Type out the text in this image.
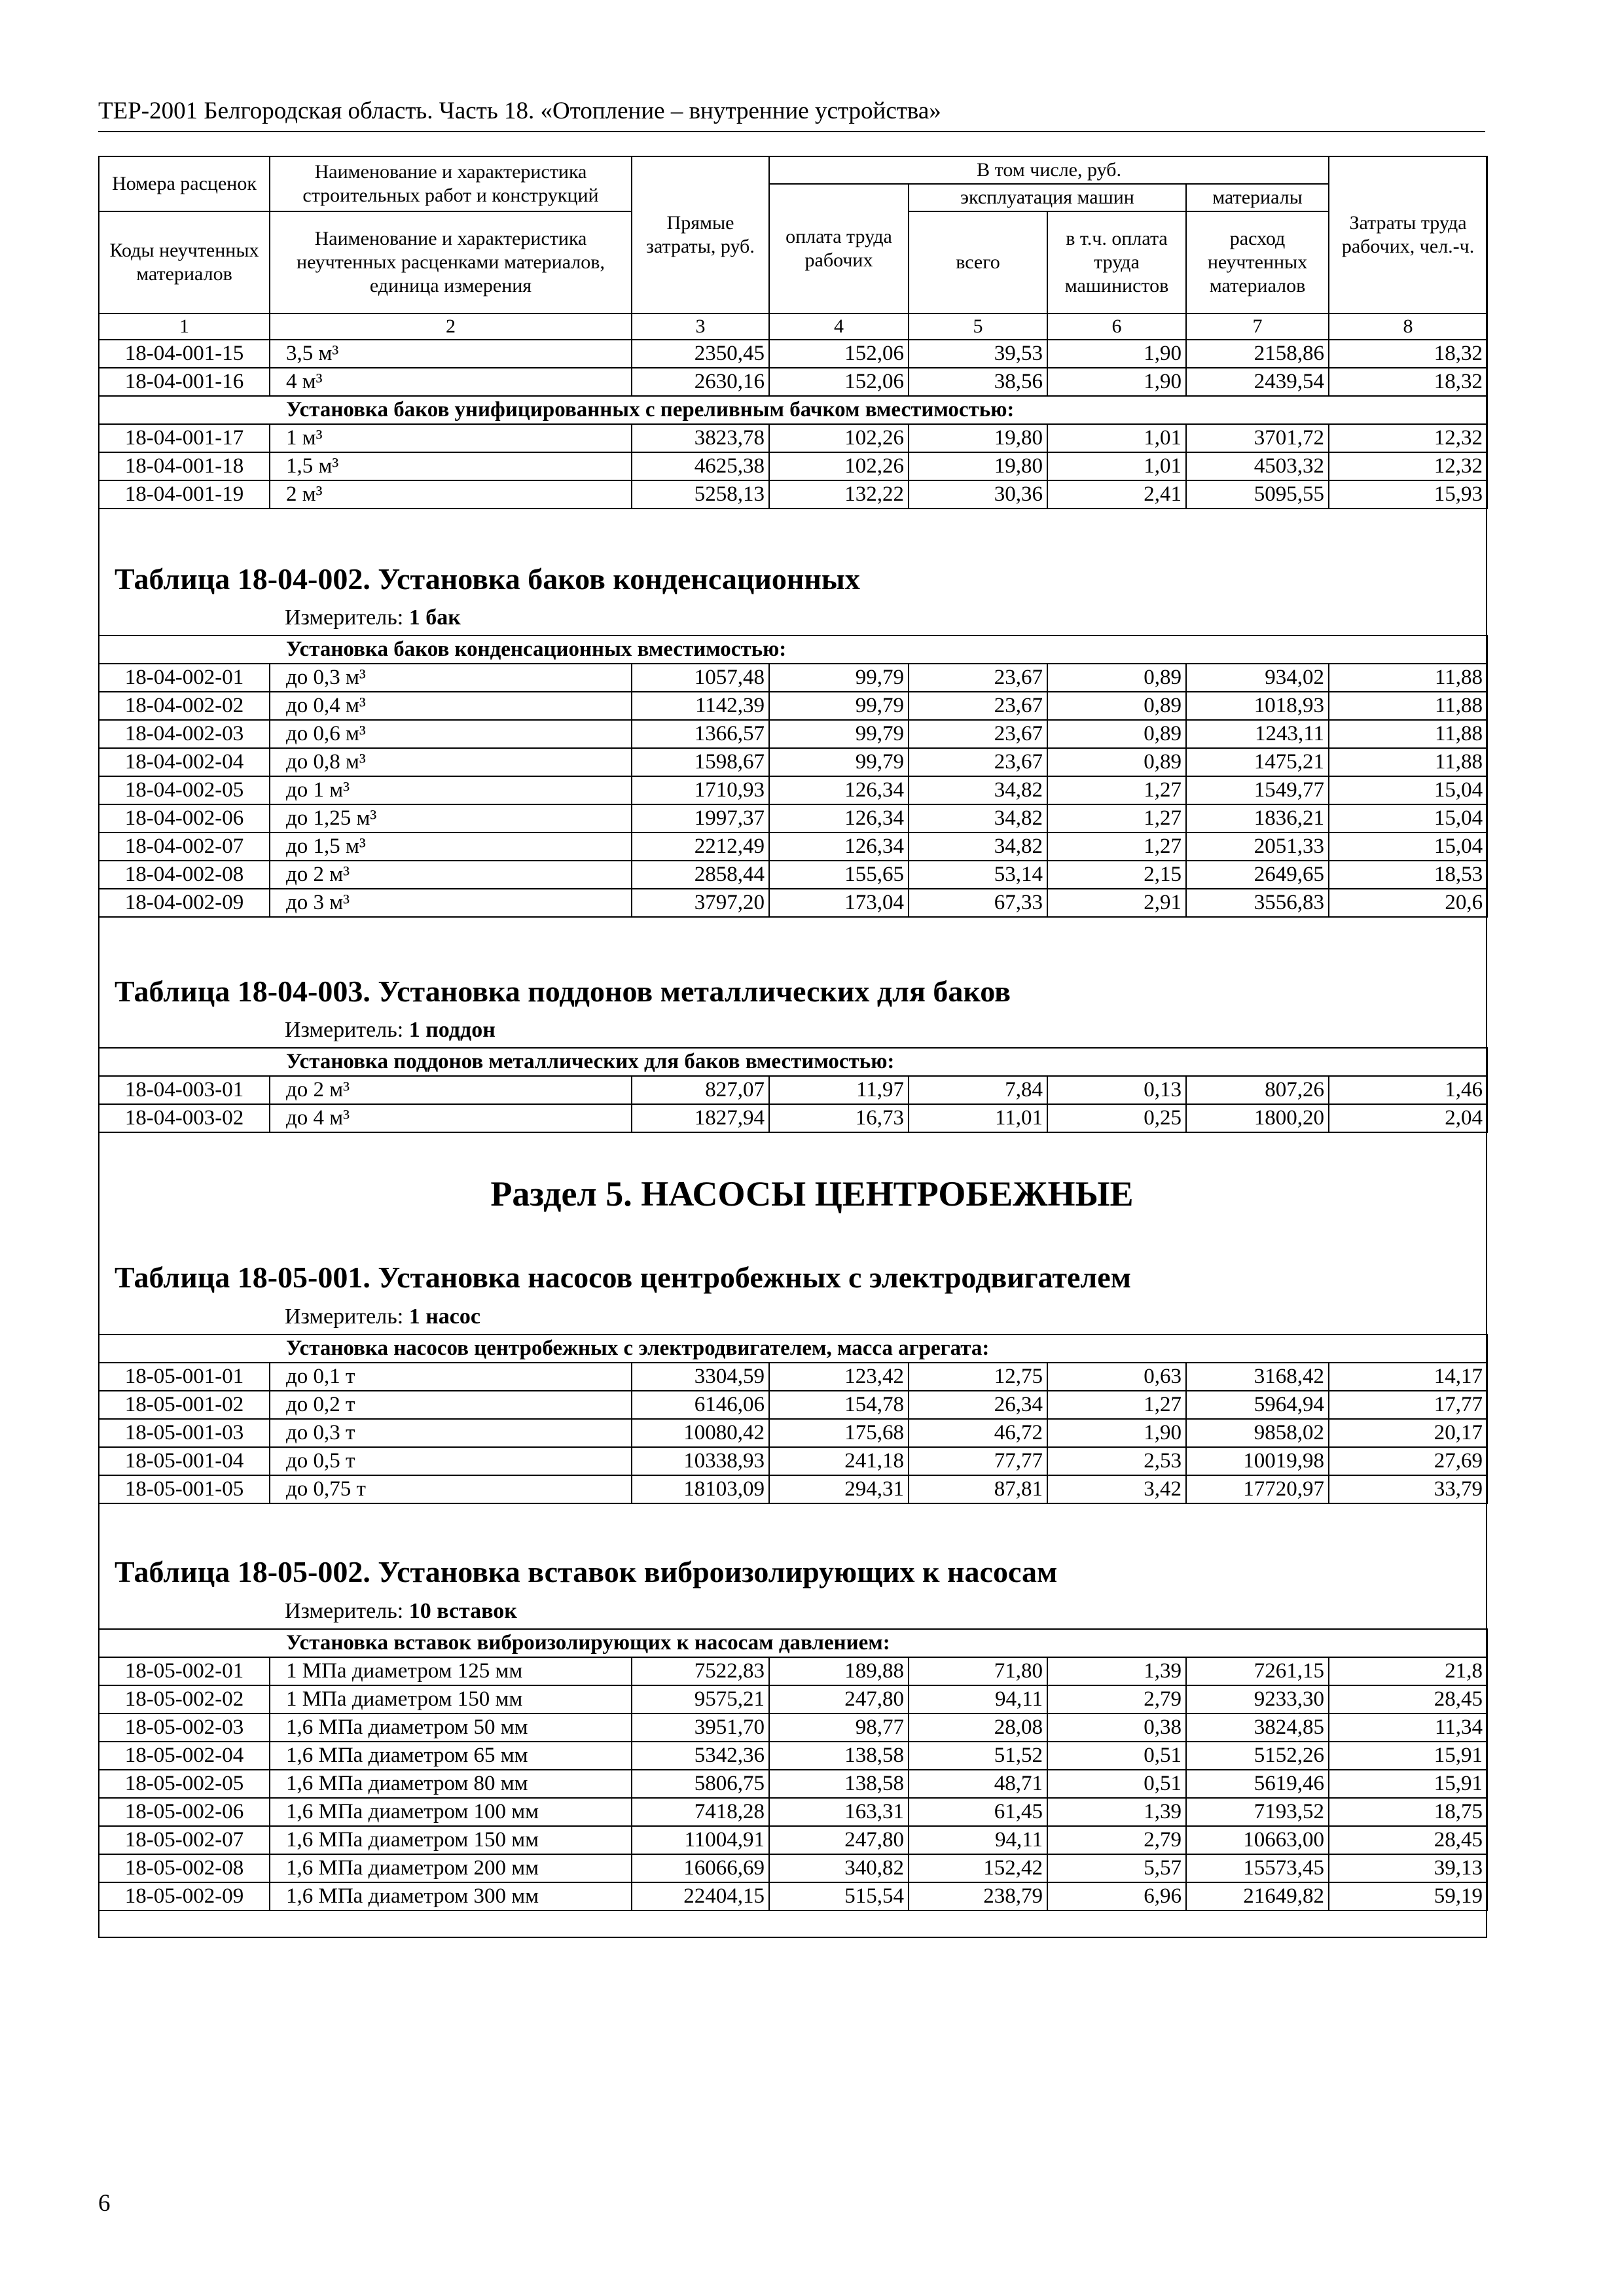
ТЕР-2001 Белгородская область. Часть 18. «Отопление – внутренние устройства»
Номера расценок	Наименование и характеристика строительных работ и конструкций	Прямые затраты, руб.	В том числе, руб.				Затраты труда рабочих, чел.-ч.
			оплата труда рабочих	эксплуатация машин		материалы	
Коды неучтенных материалов	Наименование и характеристика неучтенных расценками материалов, единица измерения			всего	в т.ч. оплата труда машинистов	расход неучтенных материалов	

1	2	3	4	5	6	7	8
18-04-001-15	3,5 м³	2350,45	152,06	39,53	1,90	2158,86	18,32
18-04-001-16	4 м³	2630,16	152,06	38,56	1,90	2439,54	18,32
Установка баков унифицированных с переливным бачком вместимостью:							
18-04-001-17	1 м³	3823,78	102,26	19,80	1,01	3701,72	12,32
18-04-001-18	1,5 м³	4625,38	102,26	19,80	1,01	4503,32	12,32
18-04-001-19	2 м³	5258,13	132,22	30,36	2,41	5095,55	15,93
Таблица 18-04-002. Установка баков конденсационных
Измеритель: 1 бак
Установка баков конденсационных вместимостью:							
18-04-002-01	до 0,3 м³	1057,48	99,79	23,67	0,89	934,02	11,88
18-04-002-02	до 0,4 м³	1142,39	99,79	23,67	0,89	1018,93	11,88
18-04-002-03	до 0,6 м³	1366,57	99,79	23,67	0,89	1243,11	11,88
18-04-002-04	до 0,8 м³	1598,67	99,79	23,67	0,89	1475,21	11,88
18-04-002-05	до 1 м³	1710,93	126,34	34,82	1,27	1549,77	15,04
18-04-002-06	до 1,25 м³	1997,37	126,34	34,82	1,27	1836,21	15,04
18-04-002-07	до 1,5 м³	2212,49	126,34	34,82	1,27	2051,33	15,04
18-04-002-08	до 2 м³	2858,44	155,65	53,14	2,15	2649,65	18,53
18-04-002-09	до 3 м³	3797,20	173,04	67,33	2,91	3556,83	20,6
Таблица 18-04-003. Установка поддонов металлических для баков
Измеритель: 1 поддон
Установка поддонов металлических для баков вместимостью:							
18-04-003-01	до 2 м³	827,07	11,97	7,84	0,13	807,26	1,46
18-04-003-02	до 4 м³	1827,94	16,73	11,01	0,25	1800,20	2,04
Раздел 5. НАСОСЫ ЦЕНТРОБЕЖНЫЕ
Таблица 18-05-001. Установка насосов центробежных с электродвигателем
Измеритель: 1 насос
Установка насосов центробежных с электродвигателем, масса агрегата:							
18-05-001-01	до 0,1 т	3304,59	123,42	12,75	0,63	3168,42	14,17
18-05-001-02	до 0,2 т	6146,06	154,78	26,34	1,27	5964,94	17,77
18-05-001-03	до 0,3 т	10080,42	175,68	46,72	1,90	9858,02	20,17
18-05-001-04	до 0,5 т	10338,93	241,18	77,77	2,53	10019,98	27,69
18-05-001-05	до 0,75 т	18103,09	294,31	87,81	3,42	17720,97	33,79
Таблица 18-05-002. Установка вставок виброизолирующих к насосам
Измеритель: 10 вставок
Установка вставок виброизолирующих к насосам давлением:							
18-05-002-01	1 МПа диаметром 125 мм	7522,83	189,88	71,80	1,39	7261,15	21,8
18-05-002-02	1 МПа диаметром 150 мм	9575,21	247,80	94,11	2,79	9233,30	28,45
18-05-002-03	1,6 МПа диаметром 50 мм	3951,70	98,77	28,08	0,38	3824,85	11,34
18-05-002-04	1,6 МПа диаметром 65 мм	5342,36	138,58	51,52	0,51	5152,26	15,91
18-05-002-05	1,6 МПа диаметром 80 мм	5806,75	138,58	48,71	0,51	5619,46	15,91
18-05-002-06	1,6 МПа диаметром 100 мм	7418,28	163,31	61,45	1,39	7193,52	18,75
18-05-002-07	1,6 МПа диаметром 150 мм	11004,91	247,80	94,11	2,79	10663,00	28,45
18-05-002-08	1,6 МПа диаметром 200 мм	16066,69	340,82	152,42	5,57	15573,45	39,13
18-05-002-09	1,6 МПа диаметром 300 мм	22404,15	515,54	238,79	6,96	21649,82	59,19
6
